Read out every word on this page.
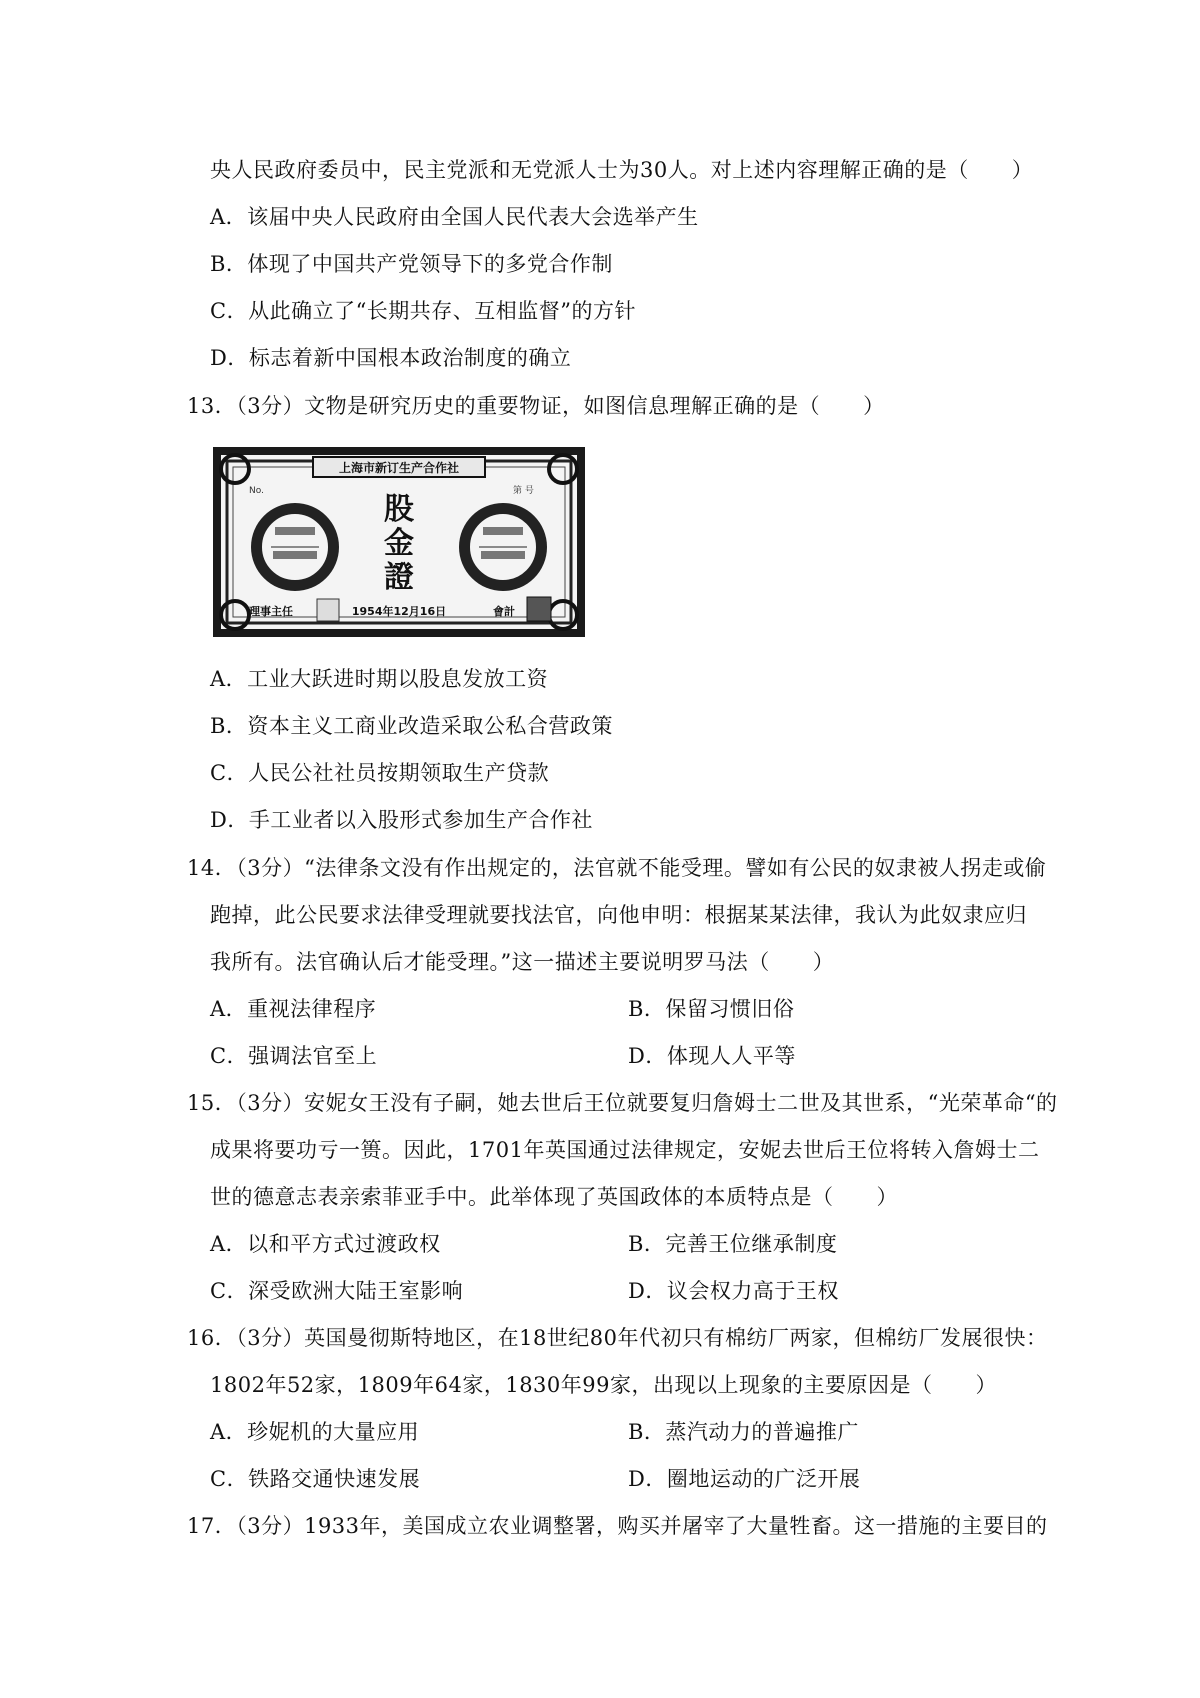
央人民政府委员中，民主党派和无党派人士为30人。对上述内容理解正确的是（　　）
A．该届中央人民政府由全国人民代表大会选举产生
B．体现了中国共产党领导下的多党合作制
C．从此确立了“长期共存、互相监督”的方针
D．标志着新中国根本政治制度的确立
13．（3分）文物是研究历史的重要物证，如图信息理解正确的是（　　）
上海市新订生产合作社
No.	第 号
股
金
證
理事主任	1954年12月16日	會計
A．工业大跃进时期以股息发放工资
B．资本主义工商业改造采取公私合营政策
C．人民公社社员按期领取生产贷款
D．手工业者以入股形式参加生产合作社
14．（3分）“法律条文没有作出规定的，法官就不能受理。譬如有公民的奴隶被人拐走或偷
跑掉，此公民要求法律受理就要找法官，向他申明：根据某某法律，我认为此奴隶应归
我所有。法官确认后才能受理。”这一描述主要说明罗马法（　　）
A．重视法律程序	B．保留习惯旧俗
C．强调法官至上	D．体现人人平等
15．（3分）安妮女王没有子嗣，她去世后王位就要复归詹姆士二世及其世系，“光荣革命“的
成果将要功亏一篑。因此，1701年英国通过法律规定，安妮去世后王位将转入詹姆士二
世的德意志表亲索菲亚手中。此举体现了英国政体的本质特点是（　　）
A．以和平方式过渡政权	B．完善王位继承制度
C．深受欧洲大陆王室影响	D．议会权力高于王权
16．（3分）英国曼彻斯特地区，在18世纪80年代初只有棉纺厂两家，但棉纺厂发展很快：
1802年52家，1809年64家，1830年99家，出现以上现象的主要原因是（　　）
A．珍妮机的大量应用	B．蒸汽动力的普遍推广
C．铁路交通快速发展	D．圈地运动的广泛开展
17．（3分）1933年，美国成立农业调整署，购买并屠宰了大量牲畜。这一措施的主要目的
